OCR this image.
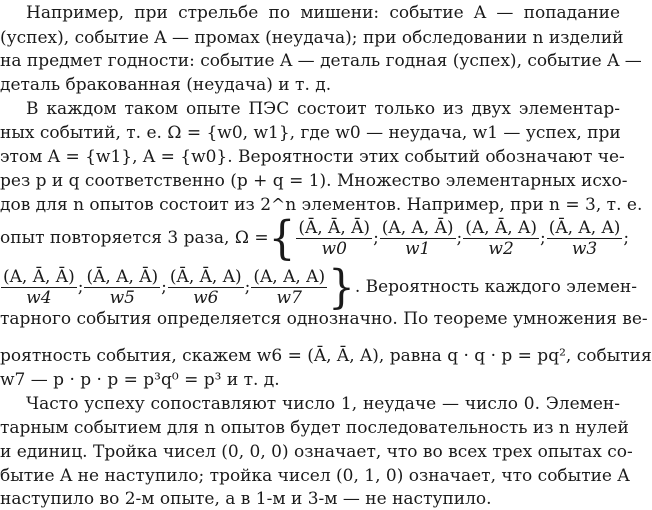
Например, при стрельбе по мишени: событие A — попадание
(успех), событие A — промах (неудача); при обследовании n изделий
на предмет годности: событие A — деталь годная (успех), событие A —
деталь бракованная (неудача) и т. д.
В каждом таком опыте ПЭС состоит только из двух элементар-
ных событий, т. е. Ω = {w0, w1}, где w0 — неудача, w1 — успех, при
этом A = {w1}, A = {w0}. Вероятности этих событий обозначают че-
рез p и q соответственно (p + q = 1). Множество элементарных исхо-
дов для n опытов состоит из 2^n элементов. Например, при n = 3, т. е.
опыт повторяется 3 раза, Ω = { $\frac{(Ā, Ā, Ā)}{w0}$ ; $\frac{(A, A, Ā)}{w1}$ ; $\frac{(A, Ā, A)}{w2}$ ; $\frac{(Ā, A, A)}{w3}$ ;
$\frac{(A, Ā, Ā)}{w4}$ ; $\frac{(Ā, A, Ā)}{w5}$ ; $\frac{(Ā, Ā, A)}{w6}$ ; $\frac{(A, A, A)}{w7}$ } . Вероятность каждого элемен-
тарного события определяется однозначно. По теореме умножения ве-
роятность события, скажем w6 = (Ā, Ā, A), равна q · q · p = pq², события
w7 — p · p · p = p³q⁰ = p³ и т. д.
Часто успеху сопоставляют число 1, неудаче — число 0. Элемен-
тарным событием для n опытов будет последовательность из n нулей
и единиц. Тройка чисел (0, 0, 0) означает, что во всех трех опытах со-
бытие A не наступило; тройка чисел (0, 1, 0) означает, что событие A
наступило во 2-м опыте, а в 1-м и 3-м — не наступило.
